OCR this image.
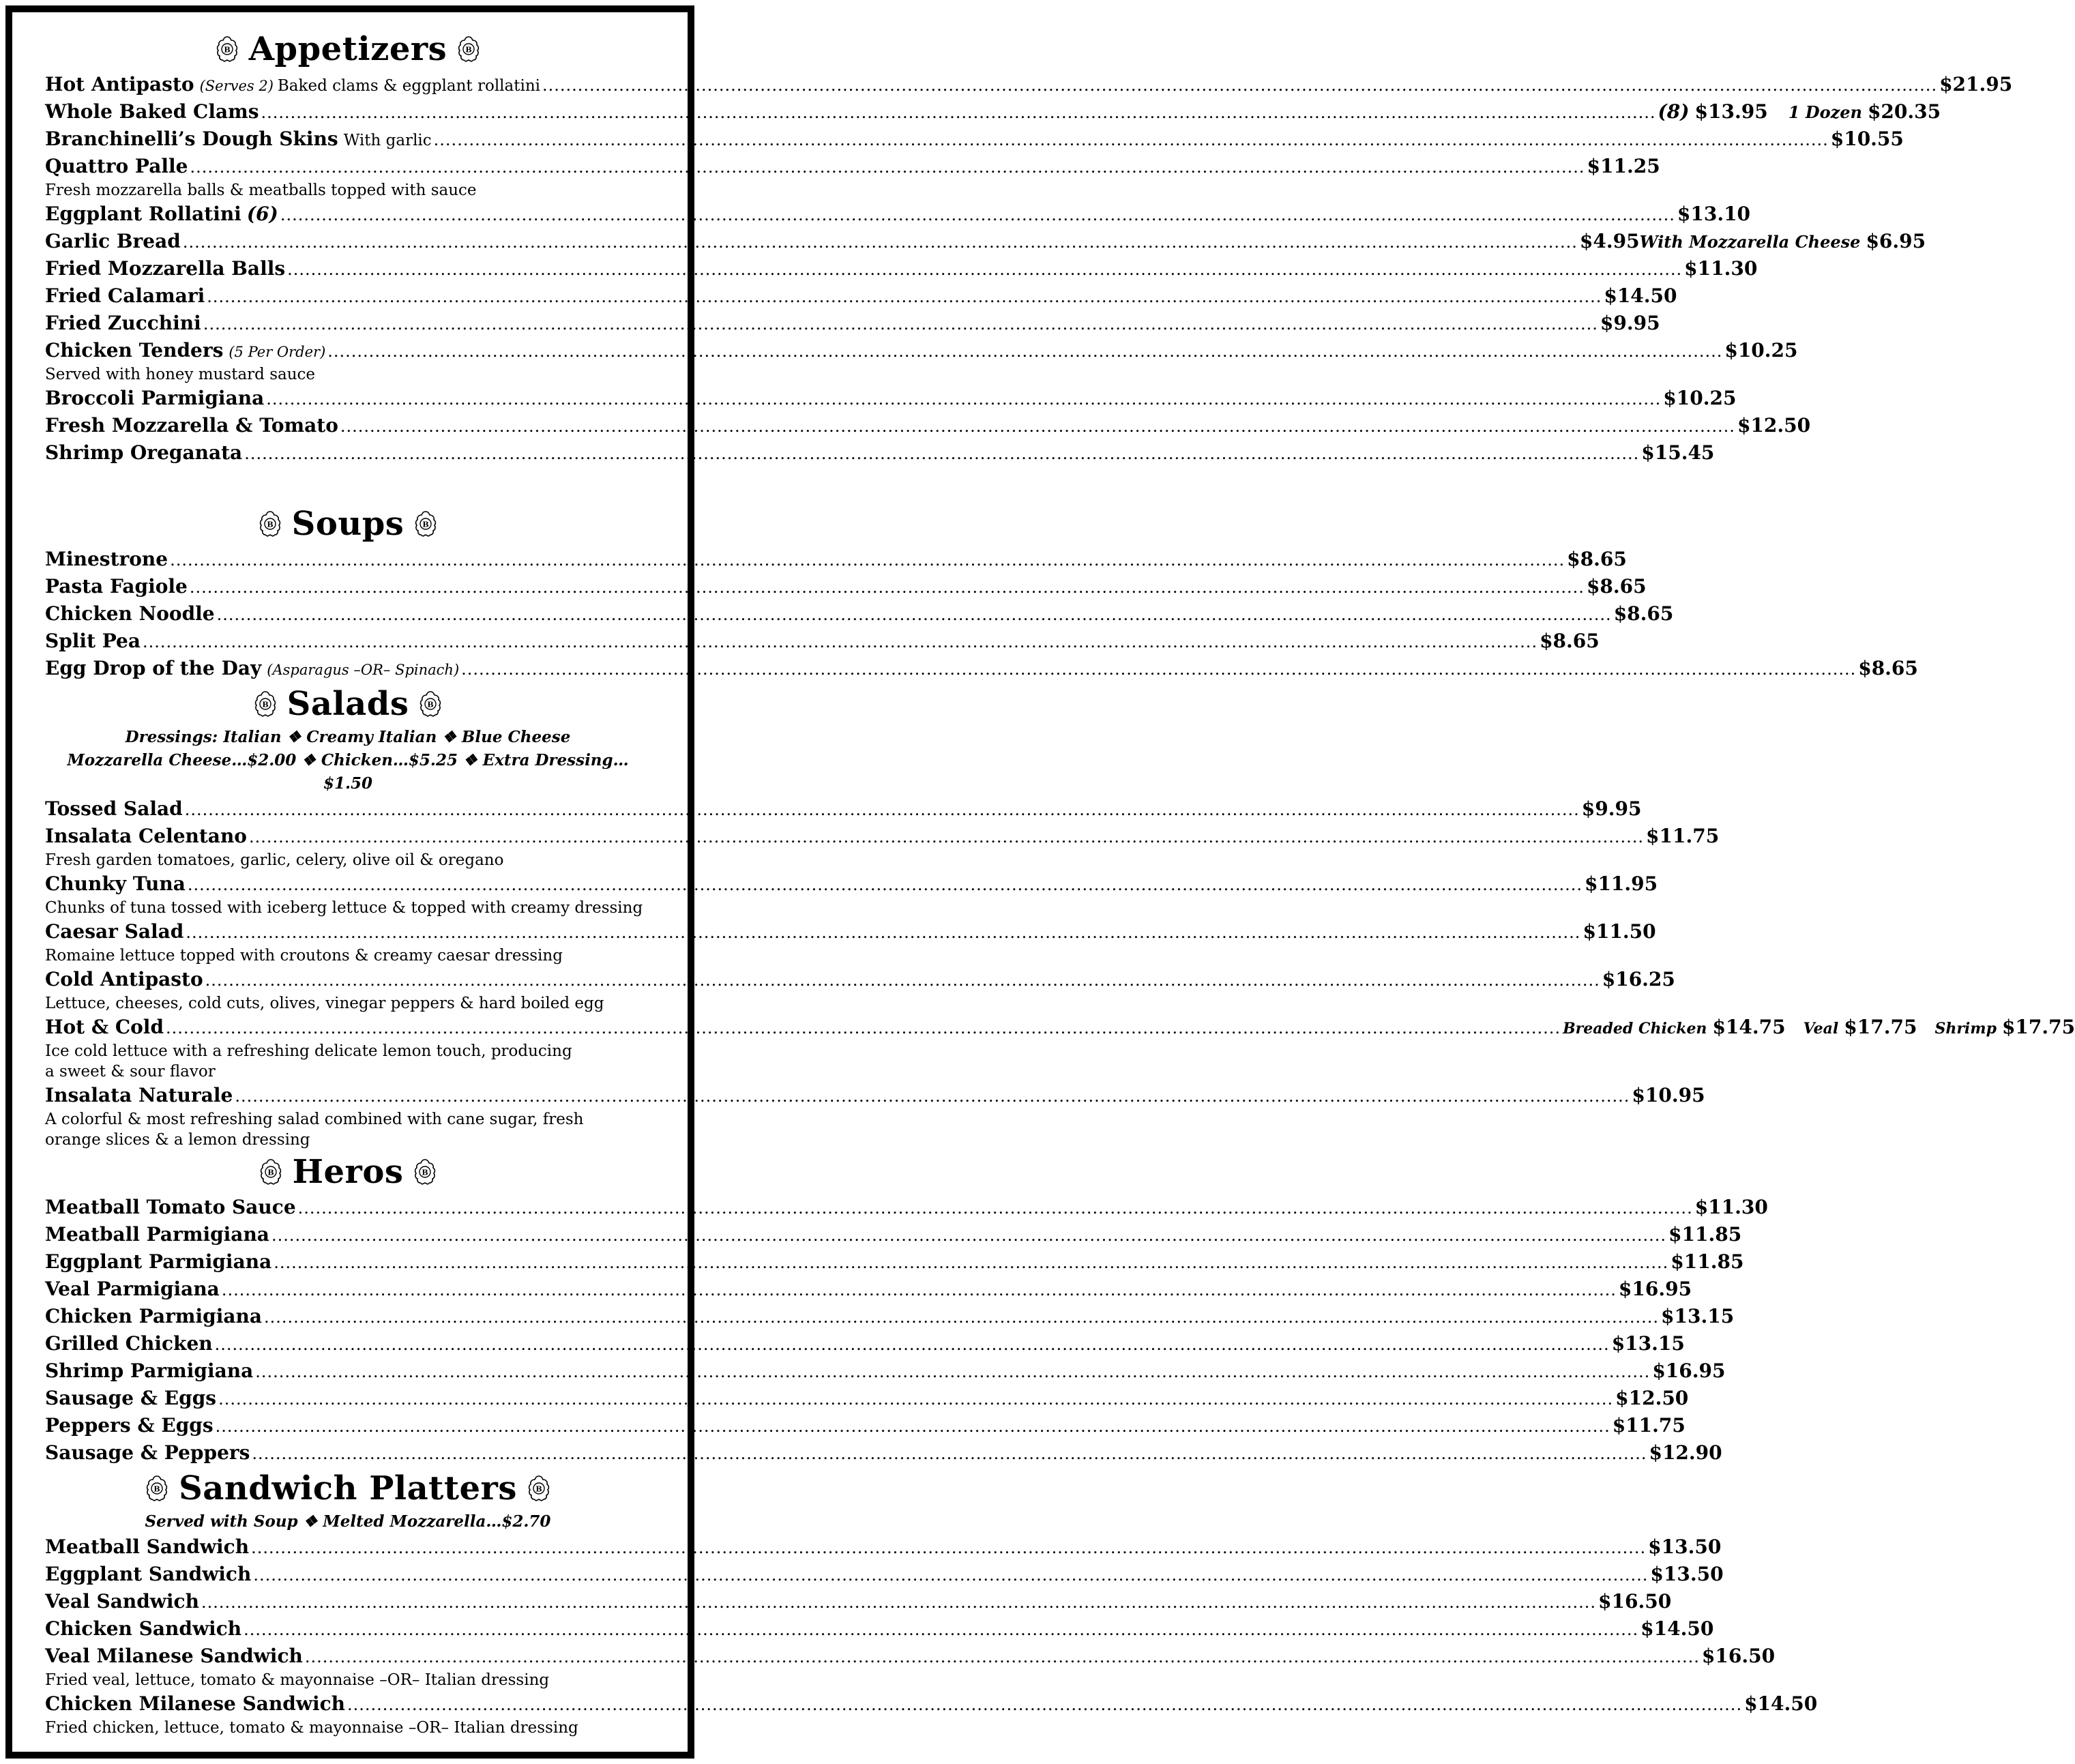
Appetizers
Hot Antipasto (Serves 2) Baked clams & eggplant rollatini .....	$21.95
Whole Baked Clams .....	(8) $13.95	1 Dozen $20.35
Branchinelli’s Dough Skins With garlic .....	$10.55
Quattro Palle .....	$11.25
Fresh mozzarella balls & meatballs topped with sauce
Eggplant Rollatini (6) .....	$13.10
Garlic Bread .....	$4.95 With Mozzarella Cheese $6.95
Fried Mozzarella Balls .....	$11.30
Fried Calamari .....	$14.50
Fried Zucchini .....	$9.95
Chicken Tenders (5 Per Order) .....	$10.25
Served with honey mustard sauce
Broccoli Parmigiana .....	$10.25
Fresh Mozzarella & Tomato .....	$12.50
Shrimp Oreganata .....	$15.45
Soups
Minestrone .....	$8.65
Pasta Fagiole .....	$8.65
Chicken Noodle .....	$8.65
Split Pea .....	$8.65
Egg Drop of the Day (Asparagus –OR– Spinach) .....	$8.65
Salads
Dressings: Italian ❖ Creamy Italian ❖ Blue Cheese
Mozzarella Cheese…$2.00 ❖ Chicken…$5.25 ❖ Extra Dressing…$1.50
Tossed Salad .....	$9.95
Insalata Celentano .....	$11.75
Fresh garden tomatoes, garlic, celery, olive oil & oregano
Chunky Tuna .....	$11.95
Chunks of tuna tossed with iceberg lettuce & topped with creamy dressing
Caesar Salad .....	$11.50
Romaine lettuce topped with croutons & creamy caesar dressing
Cold Antipasto .....	$16.25
Lettuce, cheeses, cold cuts, olives, vinegar peppers & hard boiled egg
Hot & Cold .....	Breaded Chicken $14.75	Veal $17.75	Shrimp $17.75
Ice cold lettuce with a refreshing delicate lemon touch, producing
a sweet & sour flavor
Insalata Naturale .....	$10.95
A colorful & most refreshing salad combined with cane sugar, fresh
orange slices & a lemon dressing
Heros
Meatball Tomato Sauce .....	$11.30
Meatball Parmigiana .....	$11.85
Eggplant Parmigiana .....	$11.85
Veal Parmigiana .....	$16.95
Chicken Parmigiana .....	$13.15
Grilled Chicken .....	$13.15
Shrimp Parmigiana .....	$16.95
Sausage & Eggs .....	$12.50
Peppers & Eggs .....	$11.75
Sausage & Peppers .....	$12.90
Sandwich Platters
Served with Soup ❖ Melted Mozzarella…$2.70
Meatball Sandwich .....	$13.50
Eggplant Sandwich .....	$13.50
Veal Sandwich .....	$16.50
Chicken Sandwich .....	$14.50
Veal Milanese Sandwich .....	$16.50
Fried veal, lettuce, tomato & mayonnaise –OR– Italian dressing
Chicken Milanese Sandwich .....	$14.50
Fried chicken, lettuce, tomato & mayonnaise –OR– Italian dressing
